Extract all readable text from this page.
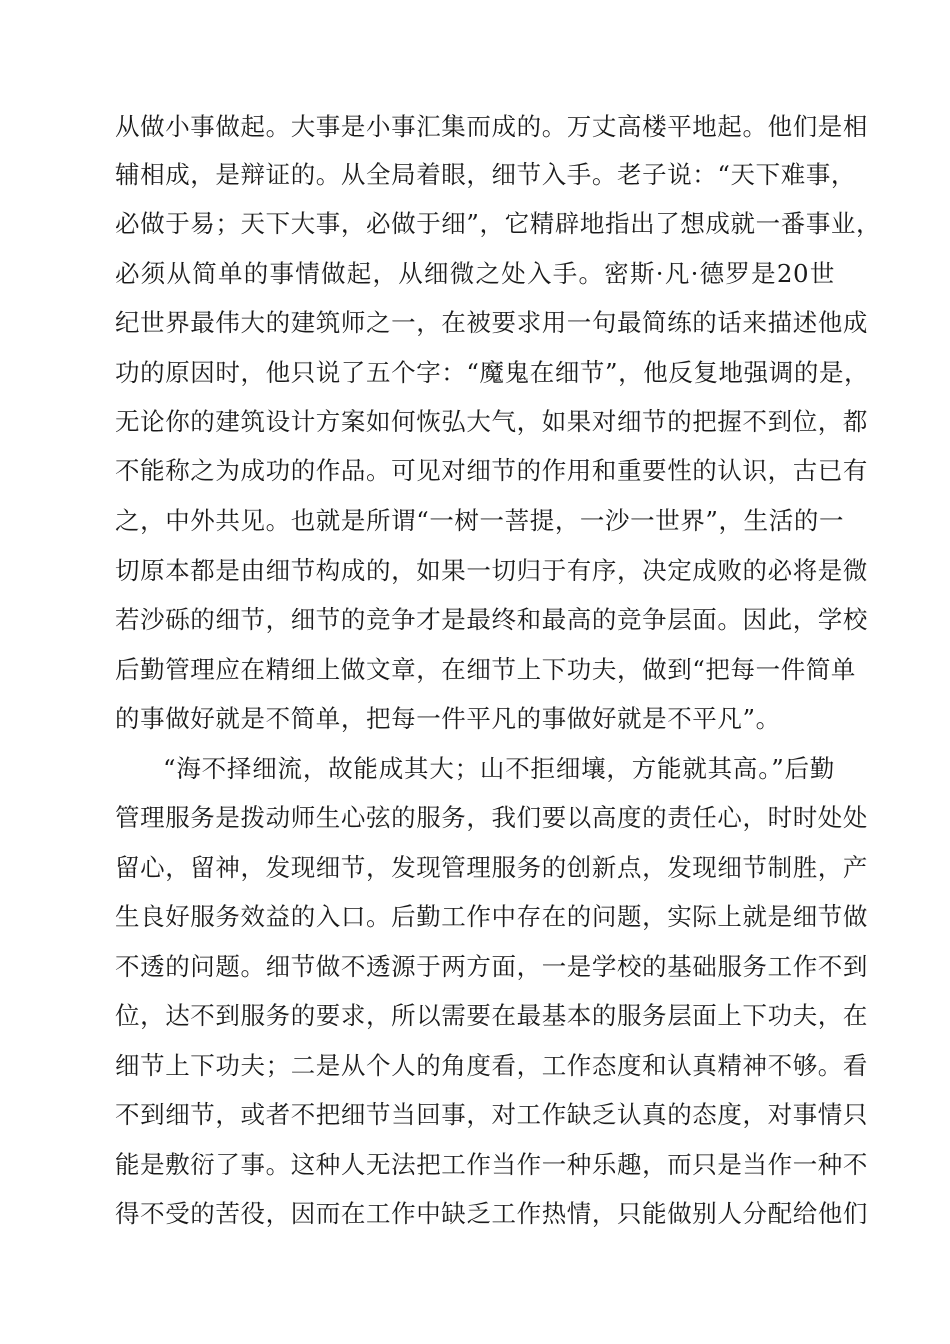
从做小事做起。大事是小事汇集而成的。万丈高楼平地起。他们是相
辅相成，是辩证的。从全局着眼，细节入手。老子说：“天下难事，
必做于易；天下大事，必做于细”，它精辟地指出了想成就一番事业，
必须从简单的事情做起，从细微之处入手。密斯·凡·德罗是20世
纪世界最伟大的建筑师之一，在被要求用一句最简练的话来描述他成
功的原因时，他只说了五个字：“魔鬼在细节”，他反复地强调的是，
无论你的建筑设计方案如何恢弘大气，如果对细节的把握不到位，都
不能称之为成功的作品。可见对细节的作用和重要性的认识，古已有
之，中外共见。也就是所谓“一树一菩提，一沙一世界”，生活的一
切原本都是由细节构成的，如果一切归于有序，决定成败的必将是微
若沙砾的细节，细节的竞争才是最终和最高的竞争层面。因此，学校
后勤管理应在精细上做文章，在细节上下功夫，做到“把每一件简单
的事做好就是不简单，把每一件平凡的事做好就是不平凡”。
“海不择细流，故能成其大；山不拒细壤，方能就其高。”后勤
管理服务是拨动师生心弦的服务，我们要以高度的责任心，时时处处
留心，留神，发现细节，发现管理服务的创新点，发现细节制胜，产
生良好服务效益的入口。后勤工作中存在的问题，实际上就是细节做
不透的问题。细节做不透源于两方面，一是学校的基础服务工作不到
位，达不到服务的要求，所以需要在最基本的服务层面上下功夫，在
细节上下功夫；二是从个人的角度看，工作态度和认真精神不够。看
不到细节，或者不把细节当回事，对工作缺乏认真的态度，对事情只
能是敷衍了事。这种人无法把工作当作一种乐趣，而只是当作一种不
得不受的苦役，因而在工作中缺乏工作热情，只能做别人分配给他们
